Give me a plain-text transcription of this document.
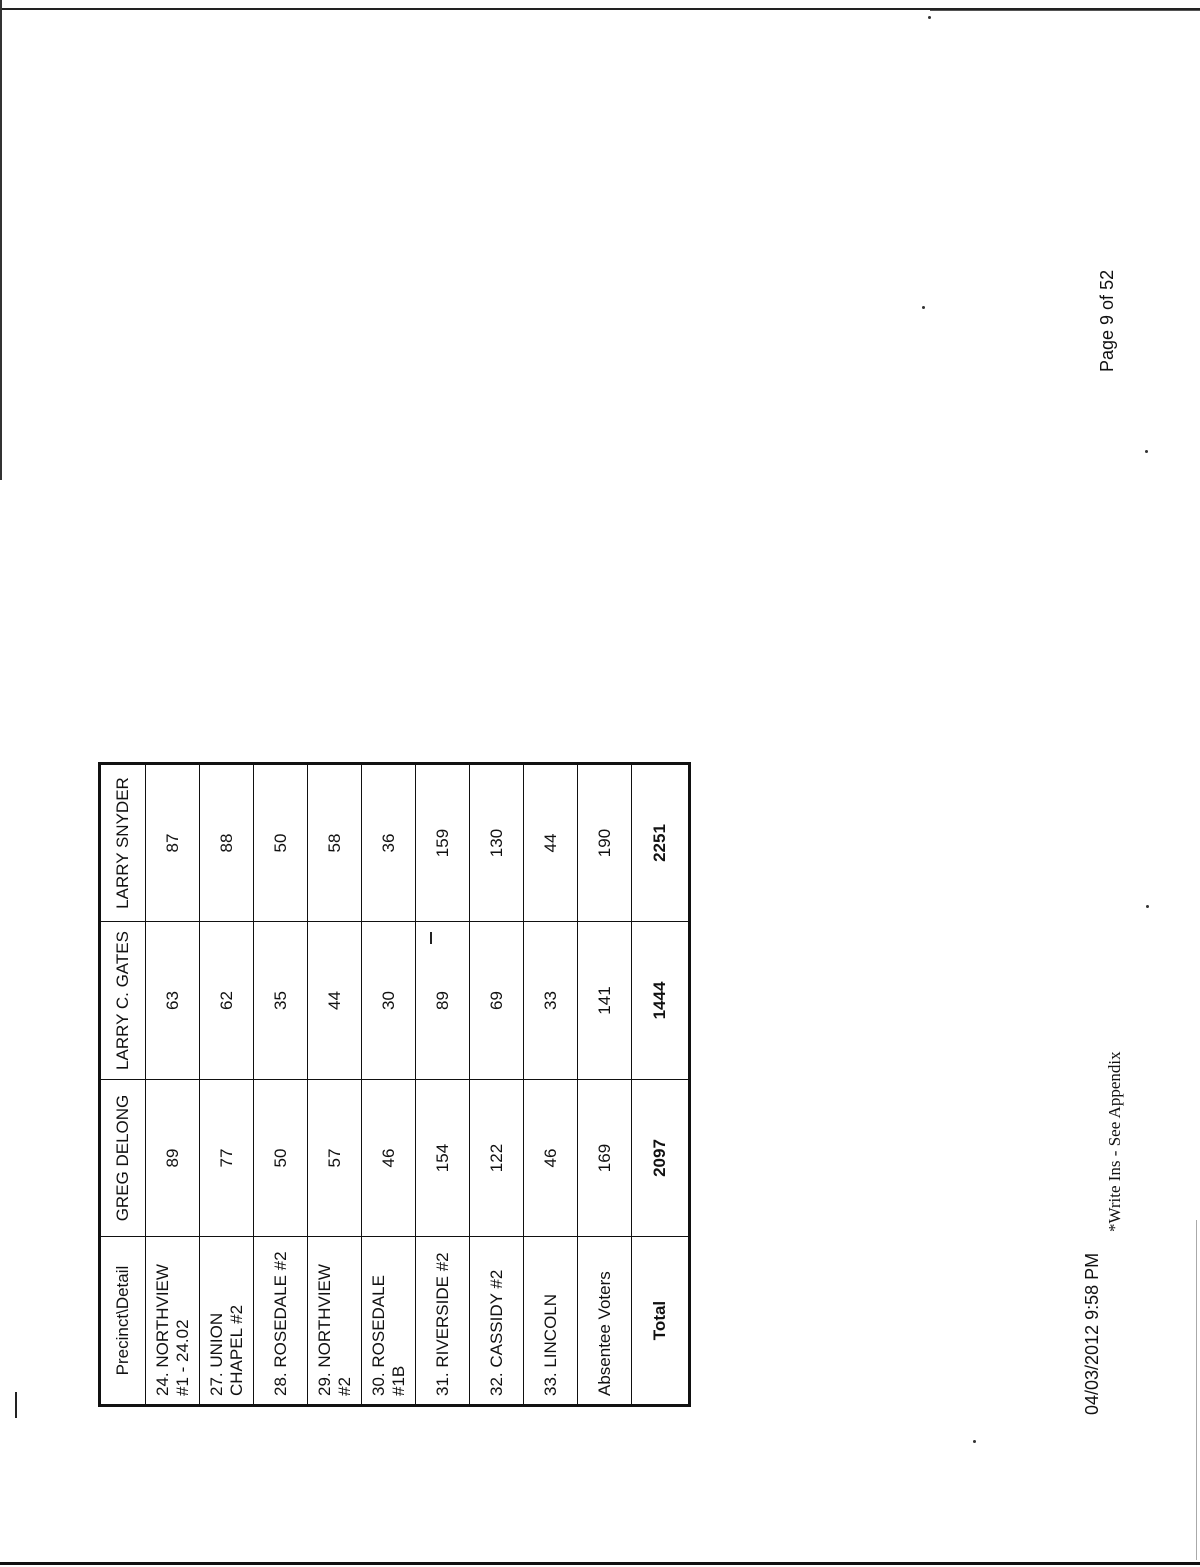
Precinct\Detail	GREG DELONG	LARRY C. GATES	LARRY SNYDER
24. NORTHVIEW #1 - 24.02	89	63	87
27. UNION CHAPEL #2	77	62	88
28. ROSEDALE #2	50	35	50
29. NORTHVIEW #2	57	44	58
30. ROSEDALE #1B	46	30	36
31. RIVERSIDE #2	154	89	159
32. CASSIDY #2	122	69	130
33. LINCOLN	46	33	44
Absentee Voters	169	141	190
Total	2097	1444	2251
04/03/2012 9:58 PM
*Write Ins - See Appendix
Page 9 of 52
